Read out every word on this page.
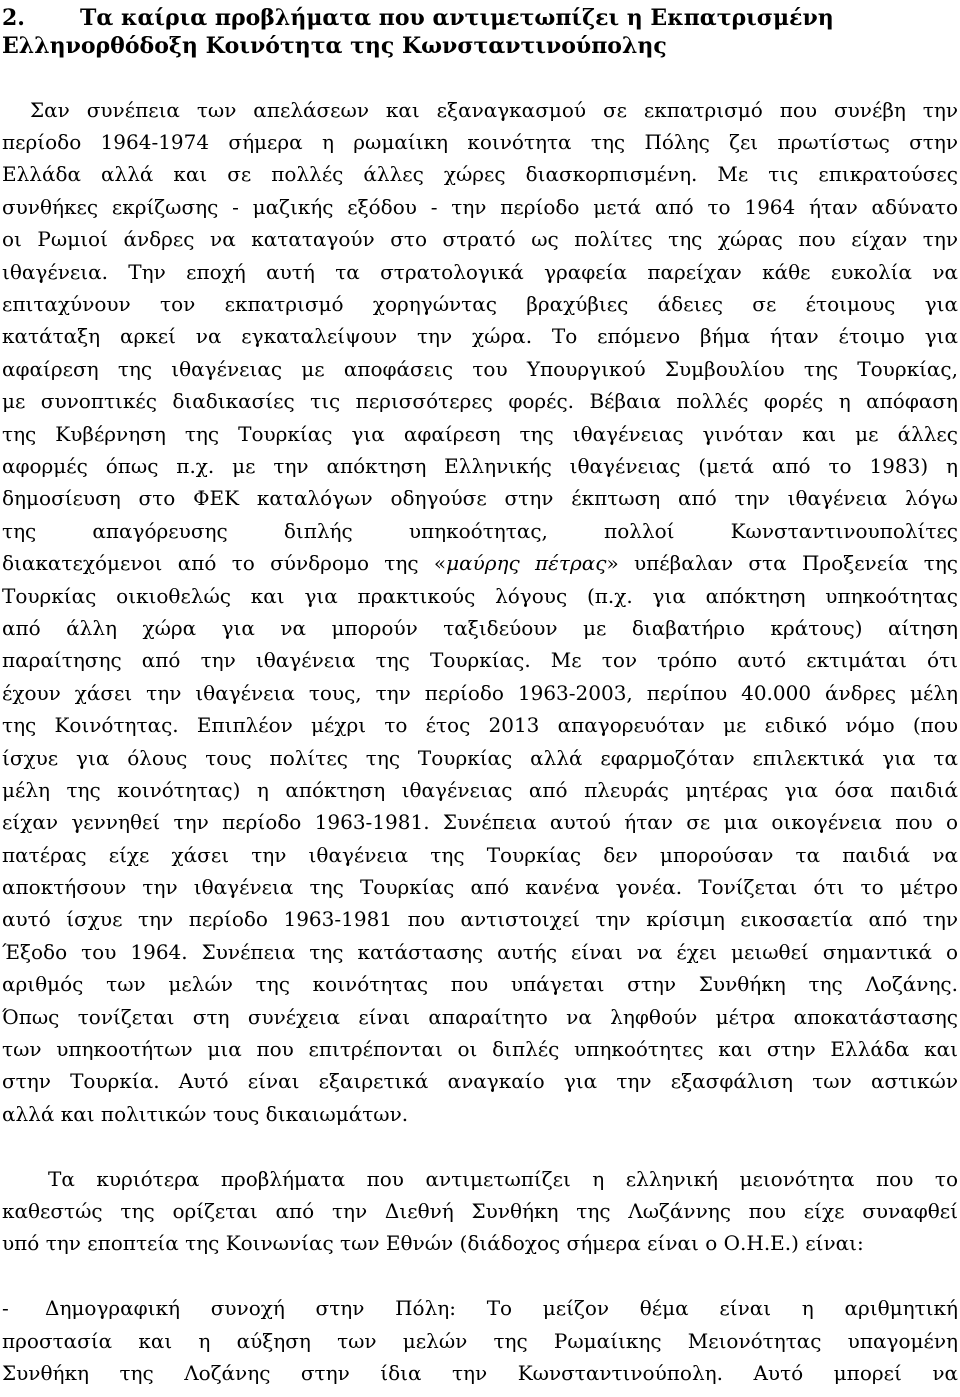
2.	Τα καίρια προβλήματα που αντιμετωπίζει η Εκπατρισμένη
Ελληνορθόδοξη Κοινότητα της Κωνσταντινούπολης
Σαν συνέπεια των απελάσεων και εξαναγκασμού σε εκπατρισμό που συνέβη την
περίοδο 1964-1974 σήμερα η ρωμαίικη κοινότητα της Πόλης ζει πρωτίστως στην
Ελλάδα αλλά και σε πολλές άλλες χώρες διασκορπισμένη. Με τις επικρατούσες
συνθήκες εκρίζωσης - μαζικής εξόδου - την περίοδο μετά από το 1964 ήταν αδύνατο
οι Ρωμιοί άνδρες να καταταγούν στο στρατό ως πολίτες της χώρας που είχαν την
ιθαγένεια. Την εποχή αυτή τα στρατολογικά γραφεία παρείχαν κάθε ευκολία να
επιταχύνουν τον εκπατρισμό χορηγώντας βραχύβιες άδειες σε έτοιμους για
κατάταξη αρκεί να εγκαταλείψουν την χώρα. Το επόμενο βήμα ήταν έτοιμο για
αφαίρεση της ιθαγένειας με αποφάσεις του Υπουργικού Συμβουλίου της Τουρκίας,
με συνοπτικές διαδικασίες τις περισσότερες φορές. Βέβαια πολλές φορές η απόφαση
της Κυβέρνηση της Τουρκίας για αφαίρεση της ιθαγένειας γινόταν και με άλλες
αφορμές όπως π.χ. με την απόκτηση Ελληνικής ιθαγένειας (μετά από το 1983) η
δημοσίευση στο ΦΕΚ καταλόγων οδηγούσε στην έκπτωση από την ιθαγένεια λόγω
της απαγόρευσης διπλής υπηκοότητας, πολλοί Κωνσταντινουπολίτες
διακατεχόμενοι από το σύνδρομο της «μαύρης πέτρας» υπέβαλαν στα Προξενεία της
Τουρκίας οικιοθελώς και για πρακτικούς λόγους (π.χ. για απόκτηση υπηκοότητας
από άλλη χώρα για να μπορούν ταξιδεύουν με διαβατήριο κράτους) αίτηση
παραίτησης από την ιθαγένεια της Τουρκίας. Με τον τρόπο αυτό εκτιμάται ότι
έχουν χάσει την ιθαγένεια τους, την περίοδο 1963-2003, περίπου 40.000 άνδρες μέλη
της Κοινότητας. Επιπλέον μέχρι το έτος 2013 απαγορευόταν με ειδικό νόμο (που
ίσχυε για όλους τους πολίτες της Τουρκίας αλλά εφαρμοζόταν επιλεκτικά για τα
μέλη της κοινότητας) η απόκτηση ιθαγένειας από πλευράς μητέρας για όσα παιδιά
είχαν γεννηθεί την περίοδο 1963-1981. Συνέπεια αυτού ήταν σε μια οικογένεια που ο
πατέρας είχε χάσει την ιθαγένεια της Τουρκίας δεν μπορούσαν τα παιδιά να
αποκτήσουν την ιθαγένεια της Τουρκίας από κανένα γονέα. Τονίζεται ότι το μέτρο
αυτό ίσχυε την περίοδο 1963-1981 που αντιστοιχεί την κρίσιμη εικοσαετία από την
Έξοδο του 1964. Συνέπεια της κατάστασης αυτής είναι να έχει μειωθεί σημαντικά ο
αριθμός των μελών της κοινότητας που υπάγεται στην Συνθήκη της Λοζάνης.
Όπως τονίζεται στη συνέχεια είναι απαραίτητο να ληφθούν μέτρα αποκατάστασης
των υπηκοοτήτων μια που επιτρέπονται οι διπλές υπηκοότητες και στην Ελλάδα και
στην Τουρκία. Αυτό είναι εξαιρετικά αναγκαίο για την εξασφάλιση των αστικών
αλλά και πολιτικών τους δικαιωμάτων.
Τα κυριότερα προβλήματα που αντιμετωπίζει η ελληνική μειονότητα που το
καθεστώς της ορίζεται από την Διεθνή Συνθήκη της Λωζάννης που είχε συναφθεί
υπό την εποπτεία της Κοινωνίας των Εθνών (διάδοχος σήμερα είναι ο Ο.Η.Ε.) είναι:
-	Δημογραφική συνοχή στην Πόλη: Το μείζον θέμα είναι η αριθμητική
προστασία και η αύξηση των μελών της Ρωμαίικης Μειονότητας υπαγομένη
Συνθήκη της Λοζάνης στην ίδια την Κωνσταντινούπολη. Αυτό μπορεί να
